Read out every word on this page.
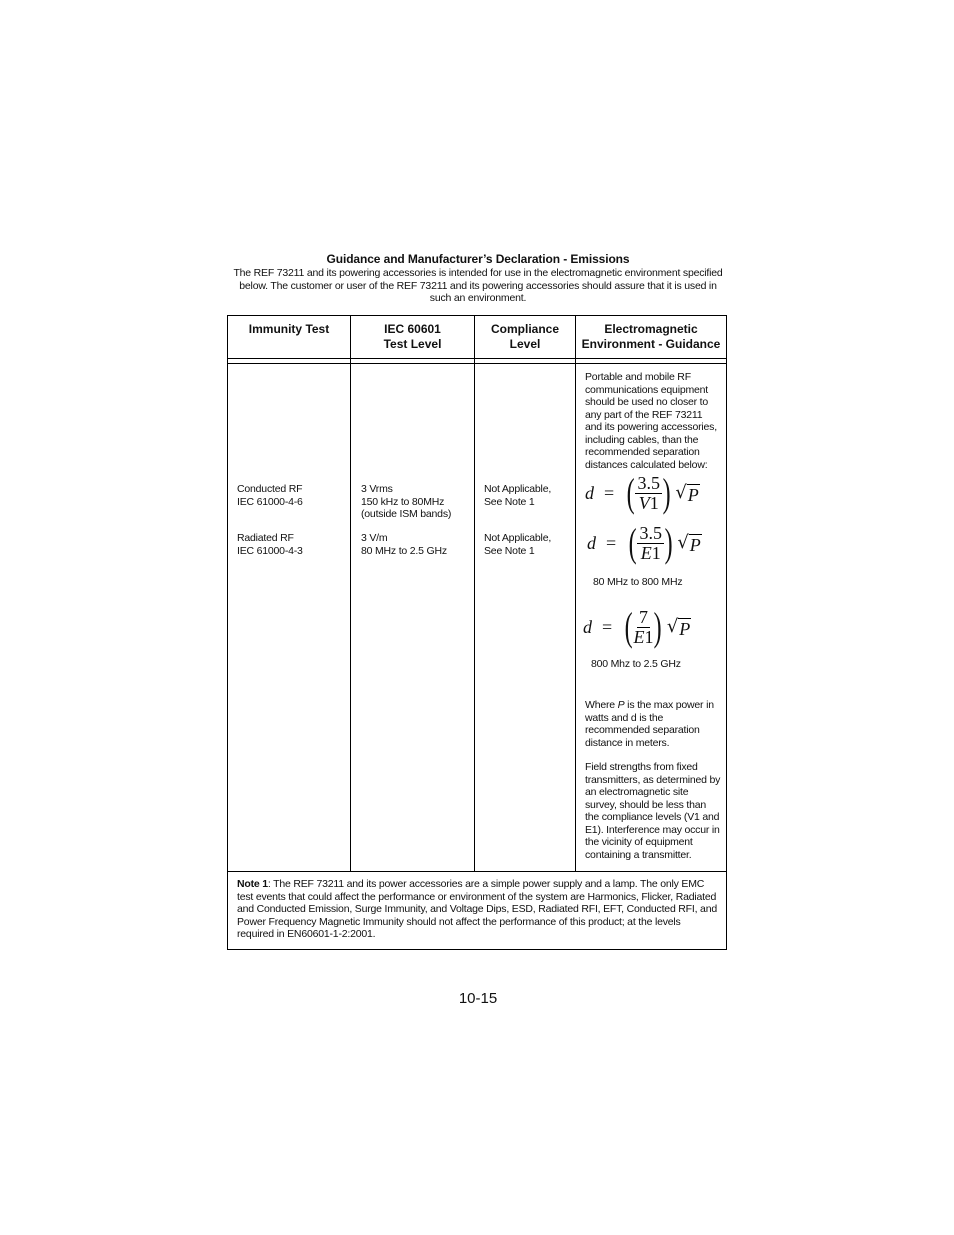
Guidance and Manufacturer’s Declaration - Emissions
The REF 73211 and its powering accessories is intended for use in the electromagnetic environment specified below. The customer or user of the REF 73211 and its powering accessories should assure that it is used in such an environment.
Immunity Test	IEC 60601
Test Level
Compliance
Level
Electromagnetic
Environment - Guidance
Conducted RF
IEC 61000-4-6
3 Vrms
150 kHz to 80MHz
(outside ISM bands)
Not Applicable,
See Note 1
Radiated RF
IEC 61000-4-3
3 V/m
80 MHz to 2.5 GHz
Not Applicable,
See Note 1
Portable and mobile RF communications equipment should be used no closer to any part of the REF 73211 and its powering accessories, including cables, than the recommended separation distances calculated below:
d = ( $\frac{3.5}{V1}$ ) √ P
d = ( $\frac{3.5}{E1}$ ) √ P
80 MHz to 800 MHz
d = ( $\frac{7}{E1}$ ) √ P
800 Mhz to 2.5 GHz
Where P is the max power in watts and d is the recommended separation distance in meters.
Field strengths from fixed transmitters, as determined by an electromagnetic site survey, should be less than the compliance levels (V1 and E1). Interference may occur in the vicinity of equipment containing a transmitter.
Note 1: The REF 73211 and its power accessories are a simple power supply and a lamp. The only EMC test events that could affect the performance or environment of the system are Harmonics, Flicker, Radiated and Conducted Emission, Surge Immunity, and Voltage Dips, ESD, Radiated RFI, EFT, Conducted RFI, and Power Frequency Magnetic Immunity should not affect the performance of this product; at the levels required in EN60601-1-2:2001.
10-15
